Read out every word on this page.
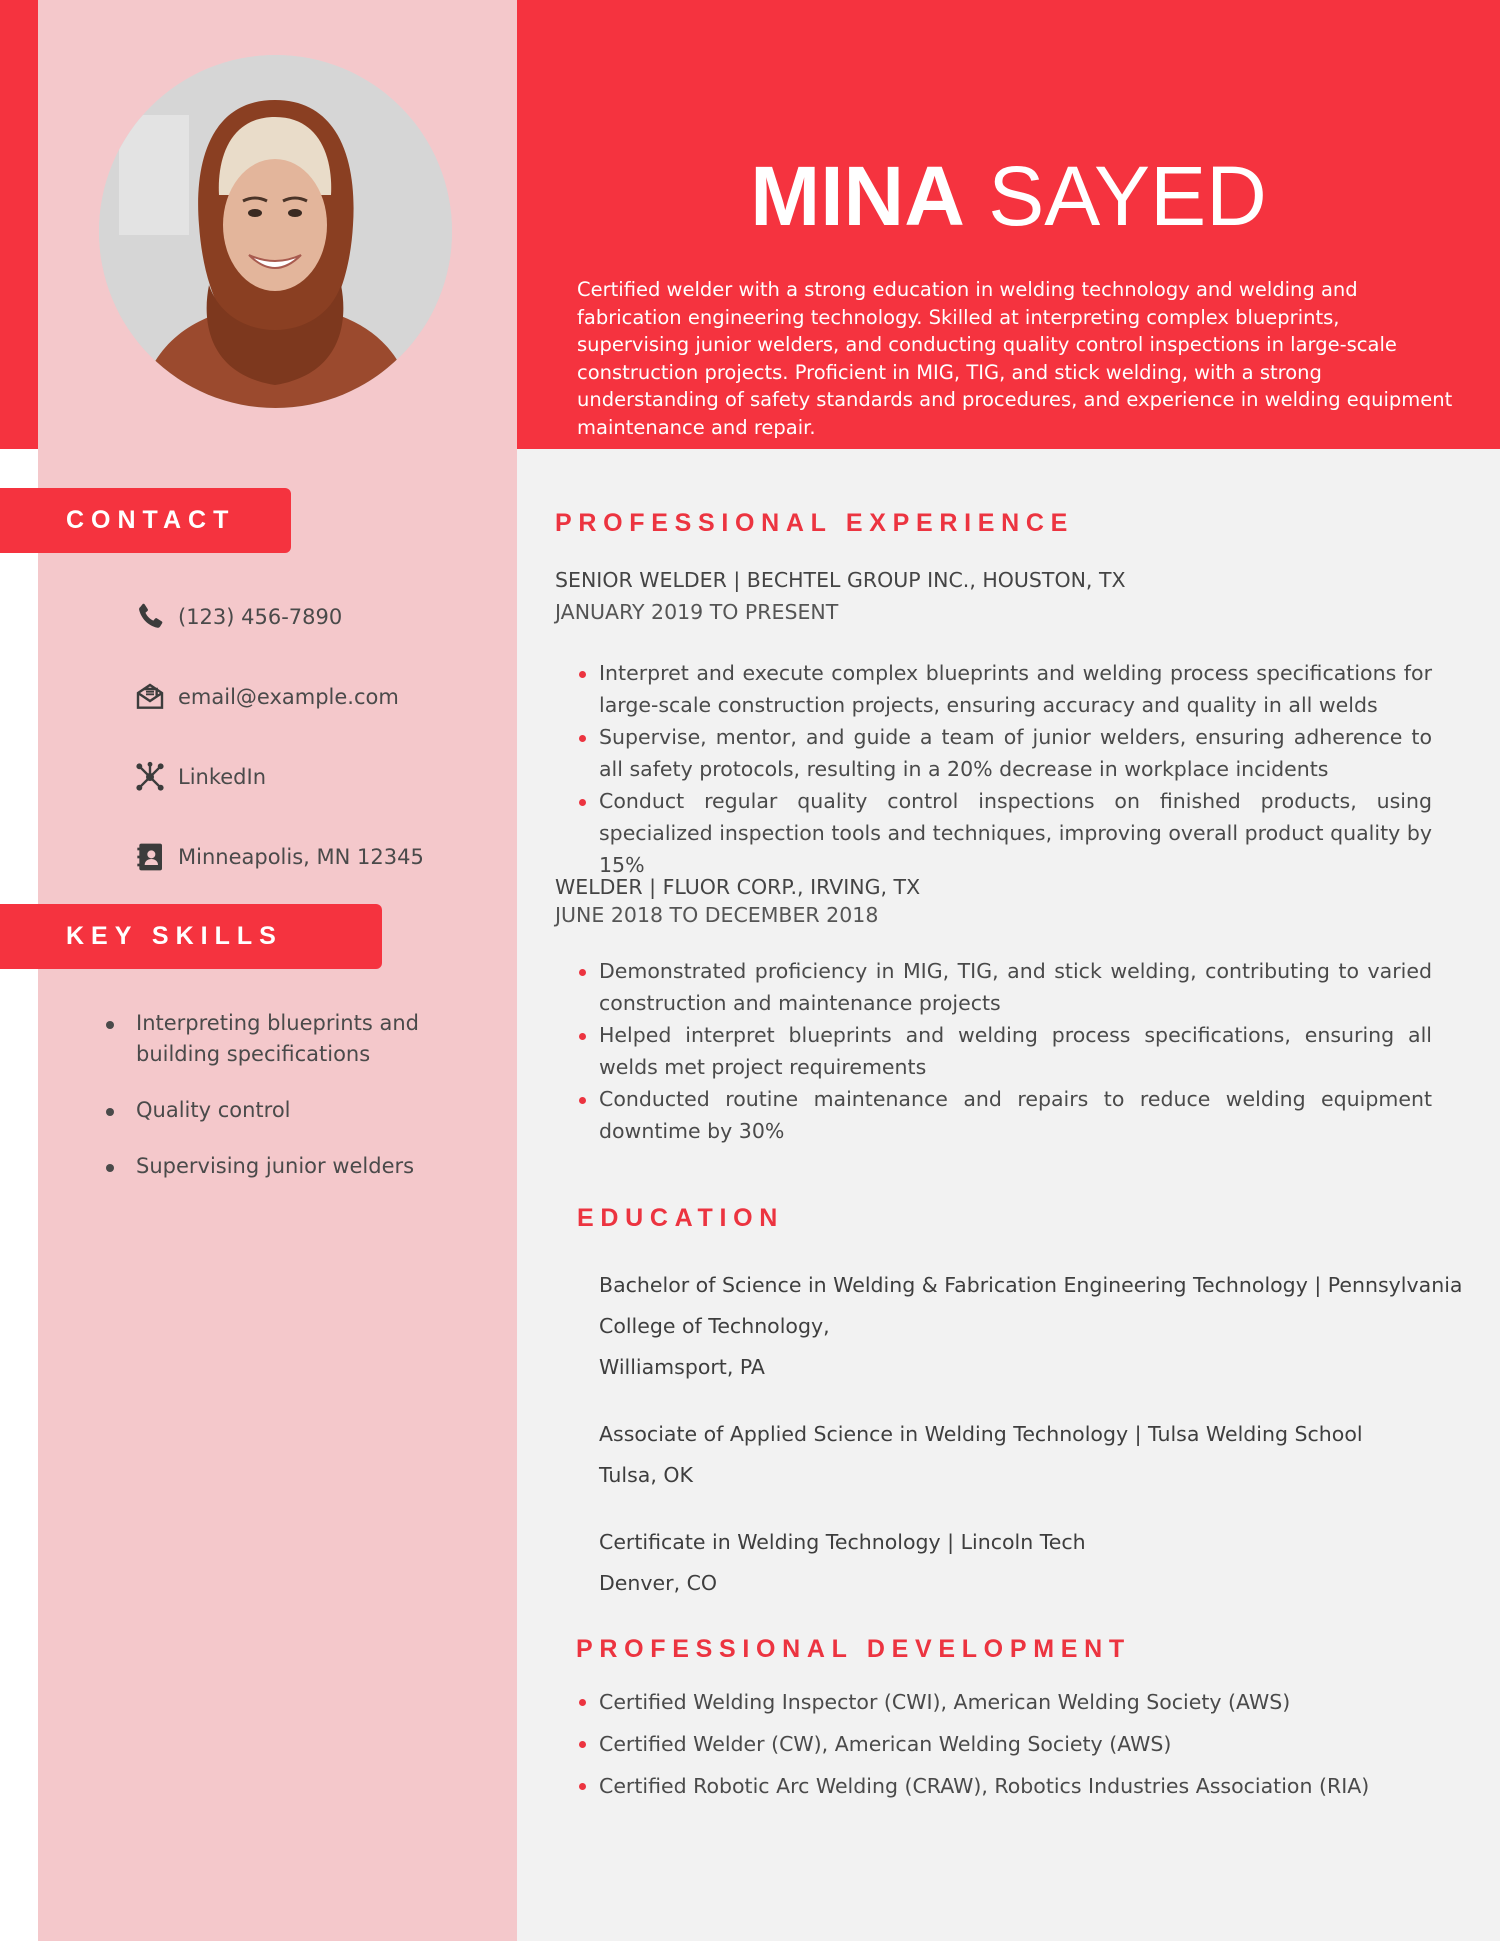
MINA SAYED

Certified welder with a strong education in welding technology and welding and fabrication engineering technology. Skilled at interpreting complex blueprints, supervising junior welders, and conducting quality control inspections in large-scale construction projects. Proficient in MIG, TIG, and stick welding, with a strong understanding of safety standards and procedures, and experience in welding equipment maintenance and repair.

CONTACT
(123) 456-7890
email@example.com
LinkedIn
Minneapolis, MN 12345
KEY SKILLS
Interpreting blueprints and building specifications
Quality control
Supervising junior welders
PROFESSIONAL EXPERIENCE
SENIOR WELDER | BECHTEL GROUP INC., HOUSTON, TX
JANUARY 2019 TO PRESENT
Interpret and execute complex blueprints and welding process specifications for large-scale construction projects, ensuring accuracy and quality in all welds
Supervise, mentor, and guide a team of junior welders, ensuring adherence to all safety protocols, resulting in a 20% decrease in workplace incidents
Conduct regular quality control inspections on finished products, using specialized inspection tools and techniques, improving overall product quality by 15%
WELDER | FLUOR CORP., IRVING, TX
JUNE 2018 TO DECEMBER 2018
Demonstrated proficiency in MIG, TIG, and stick welding, contributing to varied construction and maintenance projects
Helped interpret blueprints and welding process specifications, ensuring all welds met project requirements
Conducted routine maintenance and repairs to reduce welding equipment downtime by 30%
EDUCATION
Bachelor of Science in Welding & Fabrication Engineering Technology | Pennsylvania
College of Technology,
Williamsport, PA
Associate of Applied Science in Welding Technology | Tulsa Welding School
Tulsa, OK
Certificate in Welding Technology | Lincoln Tech
Denver, CO
PROFESSIONAL DEVELOPMENT
Certified Welding Inspector (CWI), American Welding Society (AWS)
Certified Welder (CW), American Welding Society (AWS)
Certified Robotic Arc Welding (CRAW), Robotics Industries Association (RIA)
